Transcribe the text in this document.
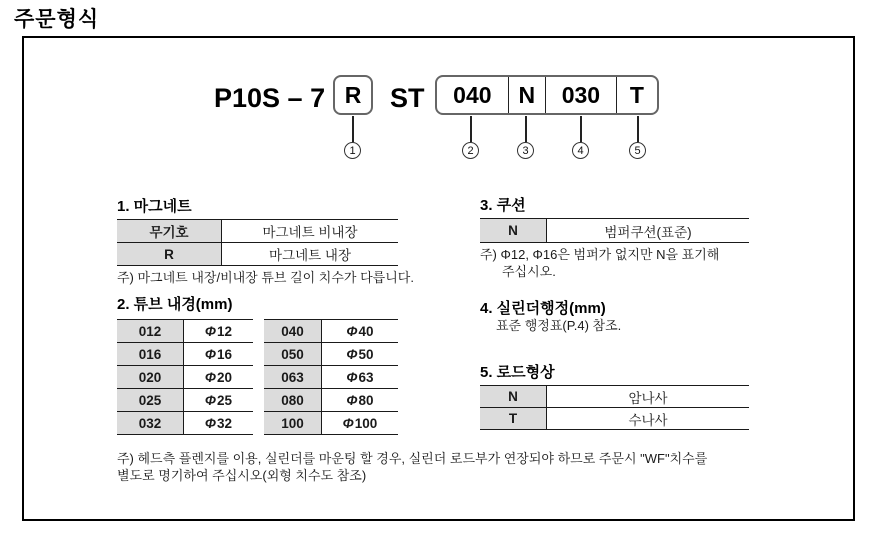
주문형식
P10S – 7 R	ST	040	N	030	T
1	2	3	4	5
1. 마그네트
무기호	마그네트 비내장
R	마그네트 내장
주) 마그네트 내장/비내장 튜브 길이 치수가 다릅니다.
2. 튜브 내경(mm)
012	Φ 12
016	Φ 16
020	Φ 20
025	Φ 25
032	Φ 32
040	Φ 40
050	Φ 50
063	Φ 63
080	Φ 80
100	Φ 100
3. 쿠션
N	범퍼쿠션(표준)
주) Φ12, Φ16은 범퍼가 없지만 N을 표기해
주십시오.
4. 실린더행정(mm)
표준 행정표(P.4) 참조.
5. 로드형상
N	암나사
T	수나사
주) 헤드측 플렌지를 이용, 실린더를 마운팅 할 경우, 실린더 로드부가 연장되야 하므로 주문시 "WF"치수를
별도로 명기하여 주십시오(외형 치수도 참조)
